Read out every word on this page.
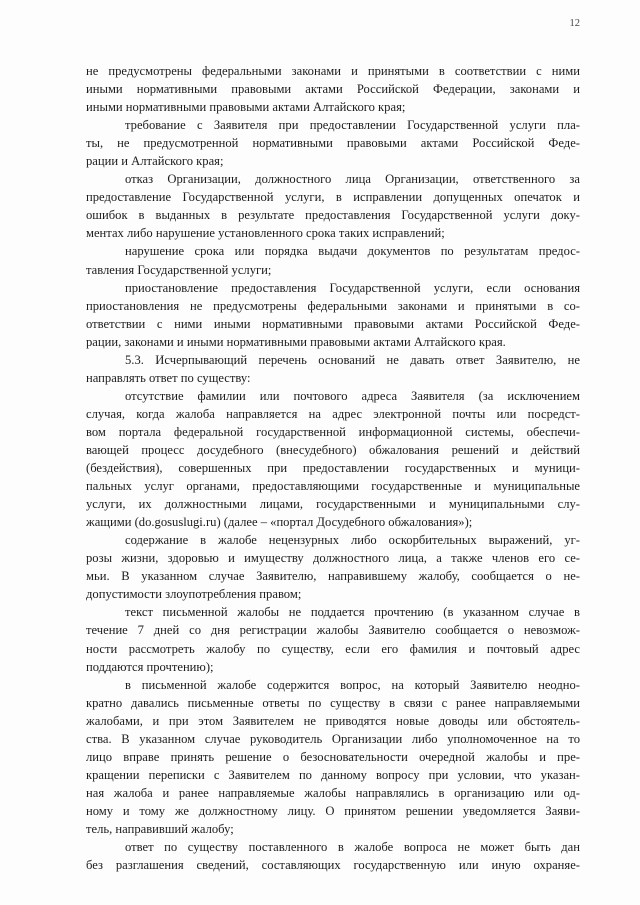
12
не предусмотрены федеральными законами и принятыми в соответствии с ними
иными нормативными правовыми актами Российской Федерации, законами и
иными нормативными правовыми актами Алтайского края;
требование с Заявителя при предоставлении Государственной услуги пла-
ты, не предусмотренной нормативными правовыми актами Российской Феде-
рации и Алтайского края;
отказ Организации, должностного лица Организации, ответственного за
предоставление Государственной услуги, в исправлении допущенных опечаток и
ошибок в выданных в результате предоставления Государственной услуги доку-
ментах либо нарушение установленного срока таких исправлений;
нарушение срока или порядка выдачи документов по результатам предос-
тавления Государственной услуги;
приостановление предоставления Государственной услуги, если основания
приостановления не предусмотрены федеральными законами и принятыми в со-
ответствии с ними иными нормативными правовыми актами Российской Феде-
рации, законами и иными нормативными правовыми актами Алтайского края.
5.3. Исчерпывающий перечень оснований не давать ответ Заявителю, не
направлять ответ по существу:
отсутствие фамилии или почтового адреса Заявителя (за исключением
случая, когда жалоба направляется на адрес электронной почты или посредст-
вом портала федеральной государственной информационной системы, обеспечи-
вающей процесс досудебного (внесудебного) обжалования решений и действий
(бездействия), совершенных при предоставлении государственных и муници-
пальных услуг органами, предоставляющими государственные и муниципальные
услуги, их должностными лицами, государственными и муниципальными слу-
жащими (do.gosuslugi.ru) (далее – «портал Досудебного обжалования»);
содержание в жалобе нецензурных либо оскорбительных выражений, уг-
розы жизни, здоровью и имуществу должностного лица, а также членов его се-
мьи. В указанном случае Заявителю, направившему жалобу, сообщается о не-
допустимости злоупотребления правом;
текст письменной жалобы не поддается прочтению (в указанном случае в
течение 7 дней со дня регистрации жалобы Заявителю сообщается о невозмож-
ности рассмотреть жалобу по существу, если его фамилия и почтовый адрес
поддаются прочтению);
в письменной жалобе содержится вопрос, на который Заявителю неодно-
кратно давались письменные ответы по существу в связи с ранее направляемыми
жалобами, и при этом Заявителем не приводятся новые доводы или обстоятель-
ства. В указанном случае руководитель Организации либо уполномоченное на то
лицо вправе принять решение о безосновательности очередной жалобы и пре-
кращении переписки с Заявителем по данному вопросу при условии, что указан-
ная жалоба и ранее направляемые жалобы направлялись в организацию или од-
ному и тому же должностному лицу. О принятом решении уведомляется Заяви-
тель, направивший жалобу;
ответ по существу поставленного в жалобе вопроса не может быть дан
без разглашения сведений, составляющих государственную или иную охраняе-
